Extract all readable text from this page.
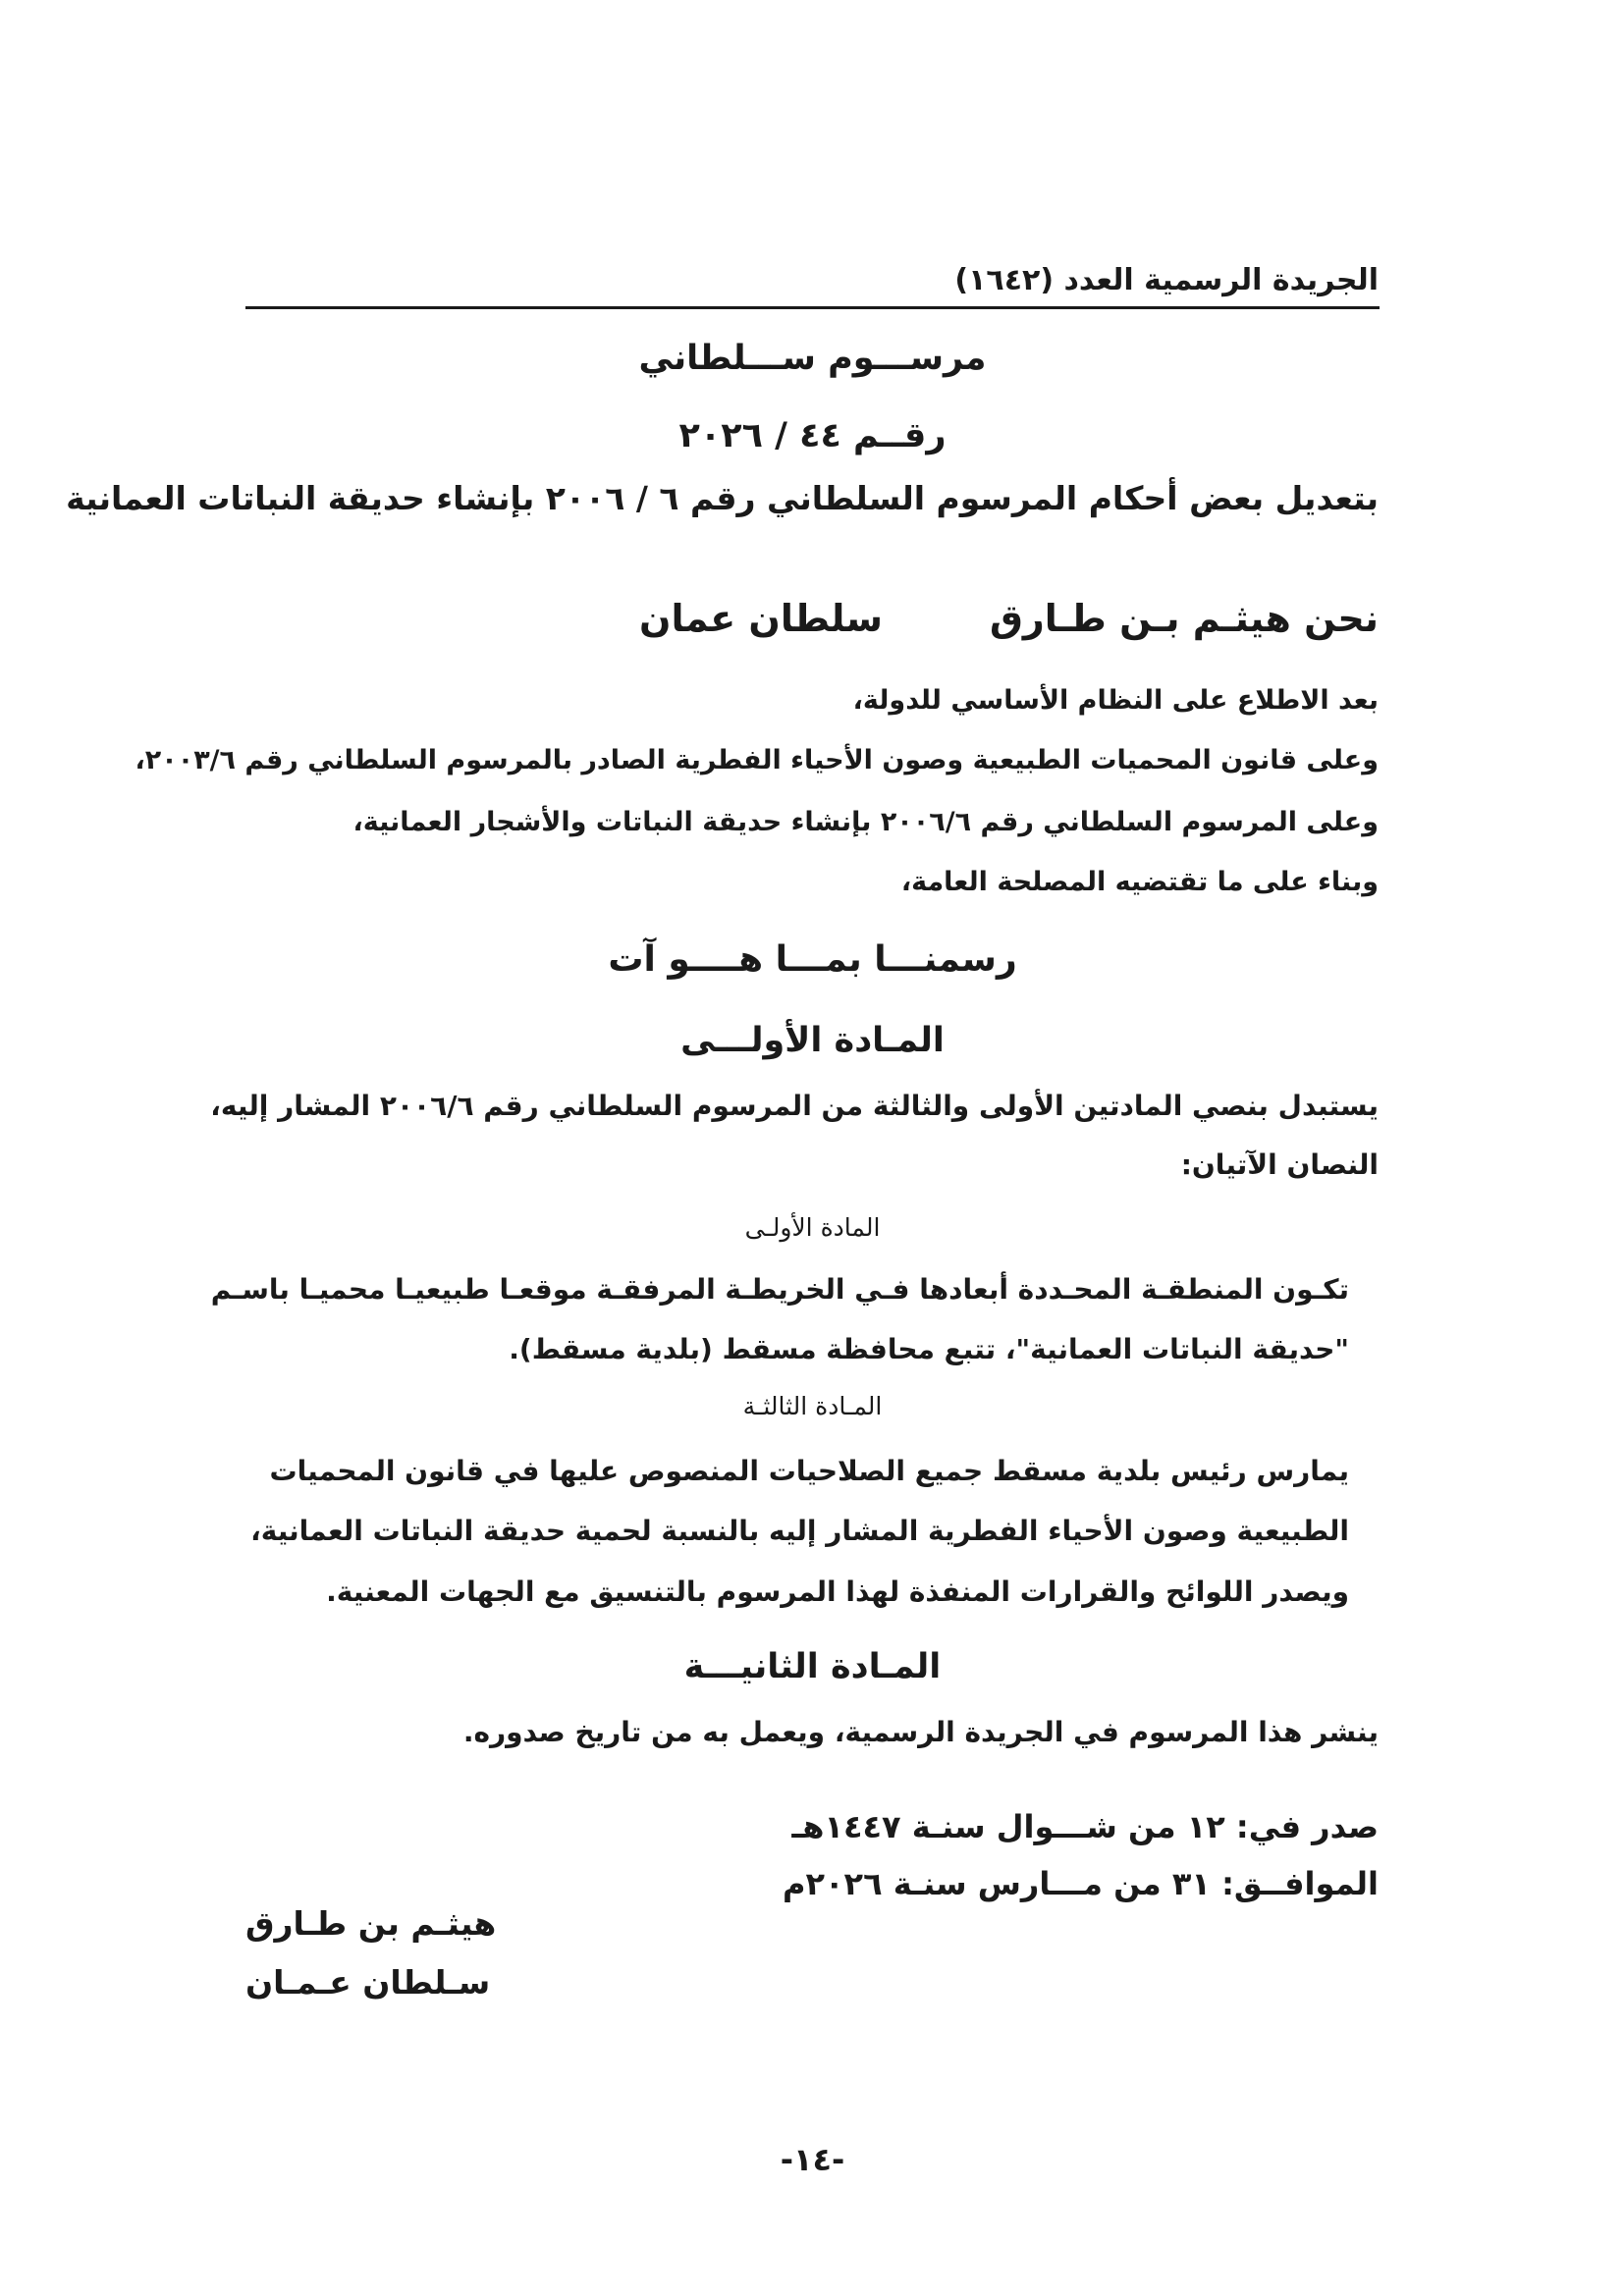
الجريدة الرسمية العدد (١٦٤٢)

مرســـوم ســـلطاني

رقــم ٤٤ / ٢٠٢٦

بتعديل بعض أحكام المرسوم السلطاني رقم ٦ / ٢٠٠٦ بإنشاء حديقة النباتات العمانية

نحن هيثـم بـن طـارق

سلطان عمان

بعد الاطلاع على النظام الأساسي للدولة،

وعلى قانون المحميات الطبيعية وصون الأحياء الفطرية الصادر بالمرسوم السلطاني رقم ٢٠٠٣/٦،

وعلى المرسوم السلطاني رقم ٢٠٠٦/٦ بإنشاء حديقة النباتات والأشجار العمانية،

وبناء على ما تقتضيه المصلحة العامة،

رسمنـــا بمـــا هــــو آت

المـادة الأولـــى

يستبدل بنصي المادتين الأولى والثالثة من المرسوم السلطاني رقم ٢٠٠٦/٦ المشار إليه،

النصان الآتيان:

المادة الأولـى

تكـون المنطقـة المحـددة أبعادها فـي الخريطـة المرفقـة موقعـا طبيعيـا محميـا باسـم

"حديقة النباتات العمانية"، تتبع محافظة مسقط (بلدية مسقط).

المـادة الثالثـة

يمارس رئيس بلدية مسقط جميع الصلاحيات المنصوص عليها في قانون المحميات

الطبيعية وصون الأحياء الفطرية المشار إليه بالنسبة لحمية حديقة النباتات العمانية،

ويصدر اللوائح والقرارات المنفذة لهذا المرسوم بالتنسيق مع الجهات المعنية.

المـادة الثانيـــة

ينشر هذا المرسوم في الجريدة الرسمية، ويعمل به من تاريخ صدوره.

صدر في: ١٢ من شـــوال سنـة ١٤٤٧هـ

الموافــق: ٣١ من مـــارس سنـة ٢٠٢٦م

هيثـم بن طـارق

سـلطان عـمـان

-١٤-
